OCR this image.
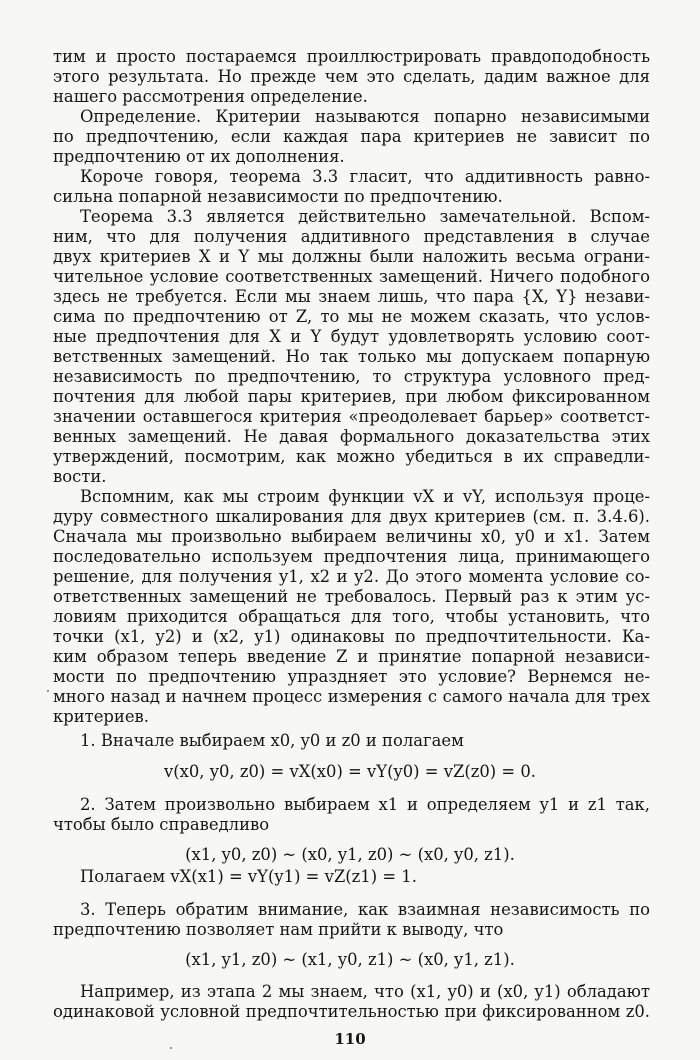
тим и просто постараемся проиллюстрировать правдоподобность
этого результата. Но прежде чем это сделать, дадим важное для
нашего рассмотрения определение.
Определение. Критерии называются попарно независимыми
по предпочтению, если каждая пара критериев не зависит по
предпочтению от их дополнения.
Короче говоря, теорема 3.3 гласит, что аддитивность равно-
сильна попарной независимости по предпочтению.
Теорема 3.3 является действительно замечательной. Вспом-
ним, что для получения аддитивного представления в случае
двух критериев X и Y мы должны были наложить весьма ограни-
чительное условие соответственных замещений. Ничего подобного
здесь не требуется. Если мы знаем лишь, что пара {X, Y} незави-
сима по предпочтению от Z, то мы не можем сказать, что услов-
ные предпочтения для X и Y будут удовлетворять условию соот-
ветственных замещений. Но так только мы допускаем попарную
независимость по предпочтению, то структура условного пред-
почтения для любой пары критериев, при любом фиксированном
значении оставшегося критерия «преодолевает барьер» соответст-
венных замещений. Не давая формального доказательства этих
утверждений, посмотрим, как можно убедиться в их справедли-
вости.
Вспомним, как мы строим функции vX и vY, используя проце-
дуру совместного шкалирования для двух критериев (см. п. 3.4.6).
Сначала мы произвольно выбираем величины x0, y0 и x1. Затем
последовательно используем предпочтения лица, принимающего
решение, для получения y1, x2 и y2. До этого момента условие со-
ответственных замещений не требовалось. Первый раз к этим ус-
ловиям приходится обращаться для того, чтобы установить, что
точки (x1, y2) и (x2, y1) одинаковы по предпочтительности. Ка-
ким образом теперь введение Z и принятие попарной независи-
мости по предпочтению упраздняет это условие? Вернемся не-
много назад и начнем процесс измерения с самого начала для трех
критериев.
1. Вначале выбираем x0, y0 и z0 и полагаем
v(x0, y0, z0) = vX(x0) = vY(y0) = vZ(z0) = 0.
2. Затем произвольно выбираем x1 и определяем y1 и z1 так,
чтобы было справедливо
(x1, y0, z0) ~ (x0, y1, z0) ~ (x0, y0, z1).
Полагаем vX(x1) = vY(y1) = vZ(z1) = 1.
3. Теперь обратим внимание, как взаимная независимость по
предпочтению позволяет нам прийти к выводу, что
(x1, y1, z0) ~ (x1, y0, z1) ~ (x0, y1, z1).
Например, из этапа 2 мы знаем, что (x1, y0) и (x0, y1) обладают
одинаковой условной предпочтительностью при фиксированном z0.
110
